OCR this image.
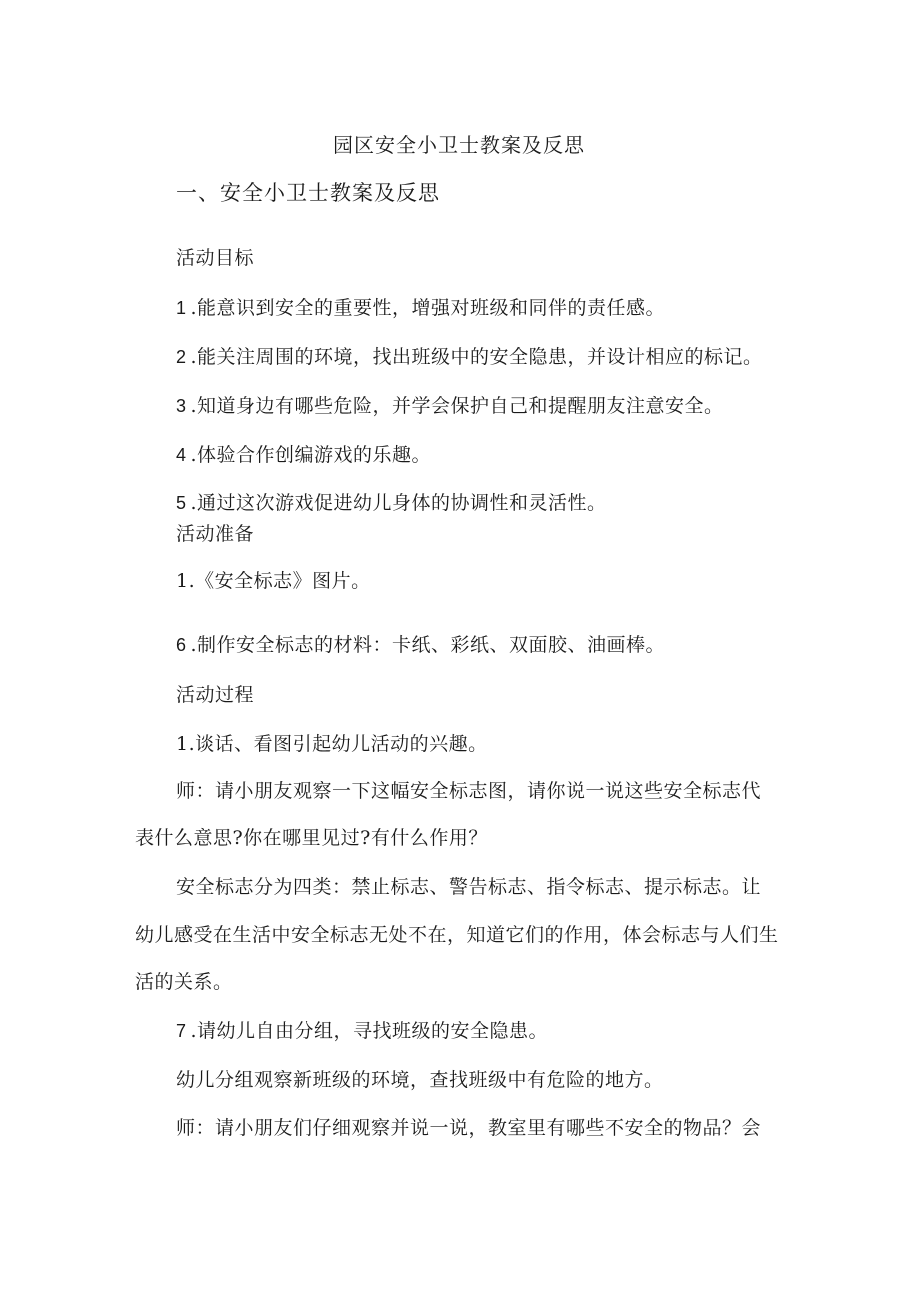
园区安全小卫士教案及反思
一、安全小卫士教案及反思
活动目标
1 .能意识到安全的重要性，增强对班级和同伴的责任感。
2 .能关注周围的环境，找出班级中的安全隐患，并设计相应的标记。
3 .知道身边有哪些危险，并学会保护自己和提醒朋友注意安全。
4 .体验合作创编游戏的乐趣。
5 .通过这次游戏促进幼儿身体的协调性和灵活性。
活动准备
1.《安全标志》图片。
6 .制作安全标志的材料：卡纸、彩纸、双面胶、油画棒。
活动过程
1.谈话、看图引起幼儿活动的兴趣。
师：请小朋友观察一下这幅安全标志图，请你说一说这些安全标志代
表什么意思?你在哪里见过?有什么作用？
安全标志分为四类：禁止标志、警告标志、指令标志、提示标志。让
幼儿感受在生活中安全标志无处不在，知道它们的作用，体会标志与人们生
活的关系。
7 .请幼儿自由分组，寻找班级的安全隐患。
幼儿分组观察新班级的环境，查找班级中有危险的地方。
师：请小朋友们仔细观察并说一说，教室里有哪些不安全的物品？会
